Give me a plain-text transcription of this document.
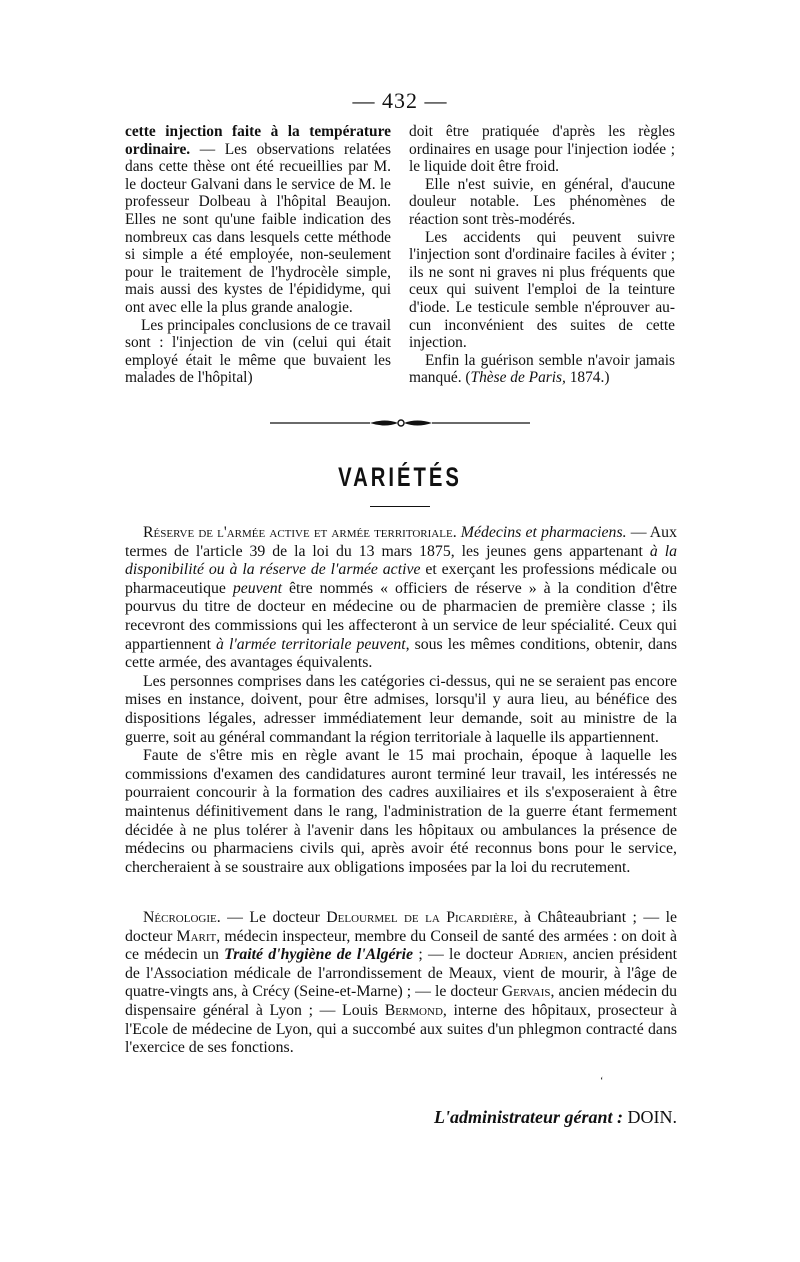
— 432 —

cette injection faite à la température ordinaire. — Les observations relatées dans cette thèse ont été recueillies par M. le docteur Galvani dans le service de M. le professeur Dolbeau à l'hôpital Beaujon. Elles ne sont qu'une faible indication des nombreux cas dans lesquels cette méthode si simple a été employée, non-seulement pour le traitement de l'hydrocèle simple, mais aussi des kystes de l'épididyme, qui ont avec elle la plus grande analogie.

Les principales conclusions de ce travail sont : l'injection de vin (celui qui était employé était le même que buvaient les malades de l'hôpital)

doit être pratiquée d'après les règles ordinaires en usage pour l'injection iodée ; le liquide doit être froid.

Elle n'est suivie, en général, d'aucune douleur notable. Les phénomènes de réaction sont très-modérés.

Les accidents qui peuvent suivre l'injection sont d'ordinaire faciles à éviter ; ils ne sont ni graves ni plus fréquents que ceux qui suivent l'emploi de la teinture d'iode. Le testicule semble n'éprouver aucun inconvénient des suites de cette injection.

Enfin la guérison semble n'avoir jamais manqué. (Thèse de Paris, 1874.)

VARIÉTÉS

Réserve de l'armée active et armée territoriale. Médecins et pharmaciens. — Aux termes de l'article 39 de la loi du 13 mars 1875, les jeunes gens appartenant à la disponibilité ou à la réserve de l'armée active et exerçant les professions médicale ou pharmaceutique peuvent être nommés « officiers de réserve » à la condition d'être pourvus du titre de docteur en médecine ou de pharmacien de première classe ; ils recevront des commissions qui les affecteront à un service de leur spécialité. Ceux qui appartiennent à l'armée territoriale peuvent, sous les mêmes conditions, obtenir, dans cette armée, des avantages équivalents.

Les personnes comprises dans les catégories ci-dessus, qui ne se seraient pas encore mises en instance, doivent, pour être admises, lorsqu'il y aura lieu, au bénéfice des dispositions légales, adresser immédiatement leur demande, soit au ministre de la guerre, soit au général commandant la région territoriale à laquelle ils appartiennent.

Faute de s'être mis en règle avant le 15 mai prochain, époque à laquelle les commissions d'examen des candidatures auront terminé leur travail, les intéressés ne pourraient concourir à la formation des cadres auxiliaires et ils s'exposeraient à être maintenus définitivement dans le rang, l'administration de la guerre étant fermement décidée à ne plus tolérer à l'avenir dans les hôpitaux ou ambulances la présence de médecins ou pharmaciens civils qui, après avoir été reconnus bons pour le service, chercheraient à se soustraire aux obligations imposées par la loi du recrutement.

Nécrologie. — Le docteur Delourmel de la Picardière, à Châteaubriant ; — le docteur Marit, médecin inspecteur, membre du Conseil de santé des armées : on doit à ce médecin un Traité d'hygiène de l'Algérie ; — le docteur Adrien, ancien président de l'Association médicale de l'arrondissement de Meaux, vient de mourir, à l'âge de quatre-vingts ans, à Crécy (Seine-et-Marne) ; — le docteur Gervais, ancien médecin du dispensaire général à Lyon ; — Louis Bermond, interne des hôpitaux, prosecteur à l'Ecole de médecine de Lyon, qui a succombé aux suites d'un phlegmon contracté dans l'exercice de ses fonctions.

‘
L'administrateur gérant : DOIN.
